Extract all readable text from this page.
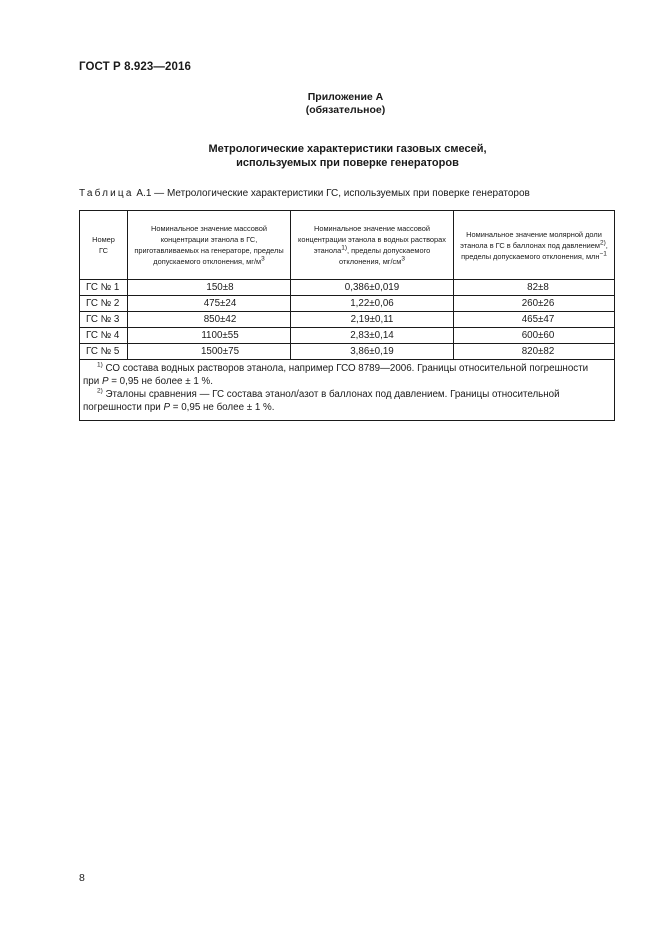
ГОСТ Р 8.923—2016
Приложение А
(обязательное)
Метрологические характеристики газовых смесей,
используемых при поверке генераторов
Таблица А.1 — Метрологические характеристики ГС, используемых при поверке генераторов
Номер ГС	Номинальное значение массовой концентрации этанола в ГС, приготавливаемых на генераторе, пределы допускаемого отклонения, $мг/м^3$	Номинальное значение массовой концентрации этанола в водных растворах этанола$^{1)}$, пределы допускаемого отклонения, $мг/см^3$	Номинальное значение молярной доли этанола в ГС в баллонах под давлением$^{2)}$, пределы допускаемого отклонения, млн$^{-1}$

ГС № 1	150±8	0,386±0,019	82±8
ГС № 2	475±24	1,22±0,06	260±26
ГС № 3	850±42	2,19±0,11	465±47
ГС № 4	1100±55	2,83±0,14	600±60
ГС № 5	1500±75	3,86±0,19	820±82

$^{1)}$ СО состава водных растворов этанола, например ГСО 8789—2006. Границы относительной погрешности
при P = 0,95 не более ± 1 %.
$^{2)}$ Эталоны сравнения — ГС состава этанол/азот в баллонах под давлением. Границы относительной
погрешности при P = 0,95 не более ± 1 %.			
8
